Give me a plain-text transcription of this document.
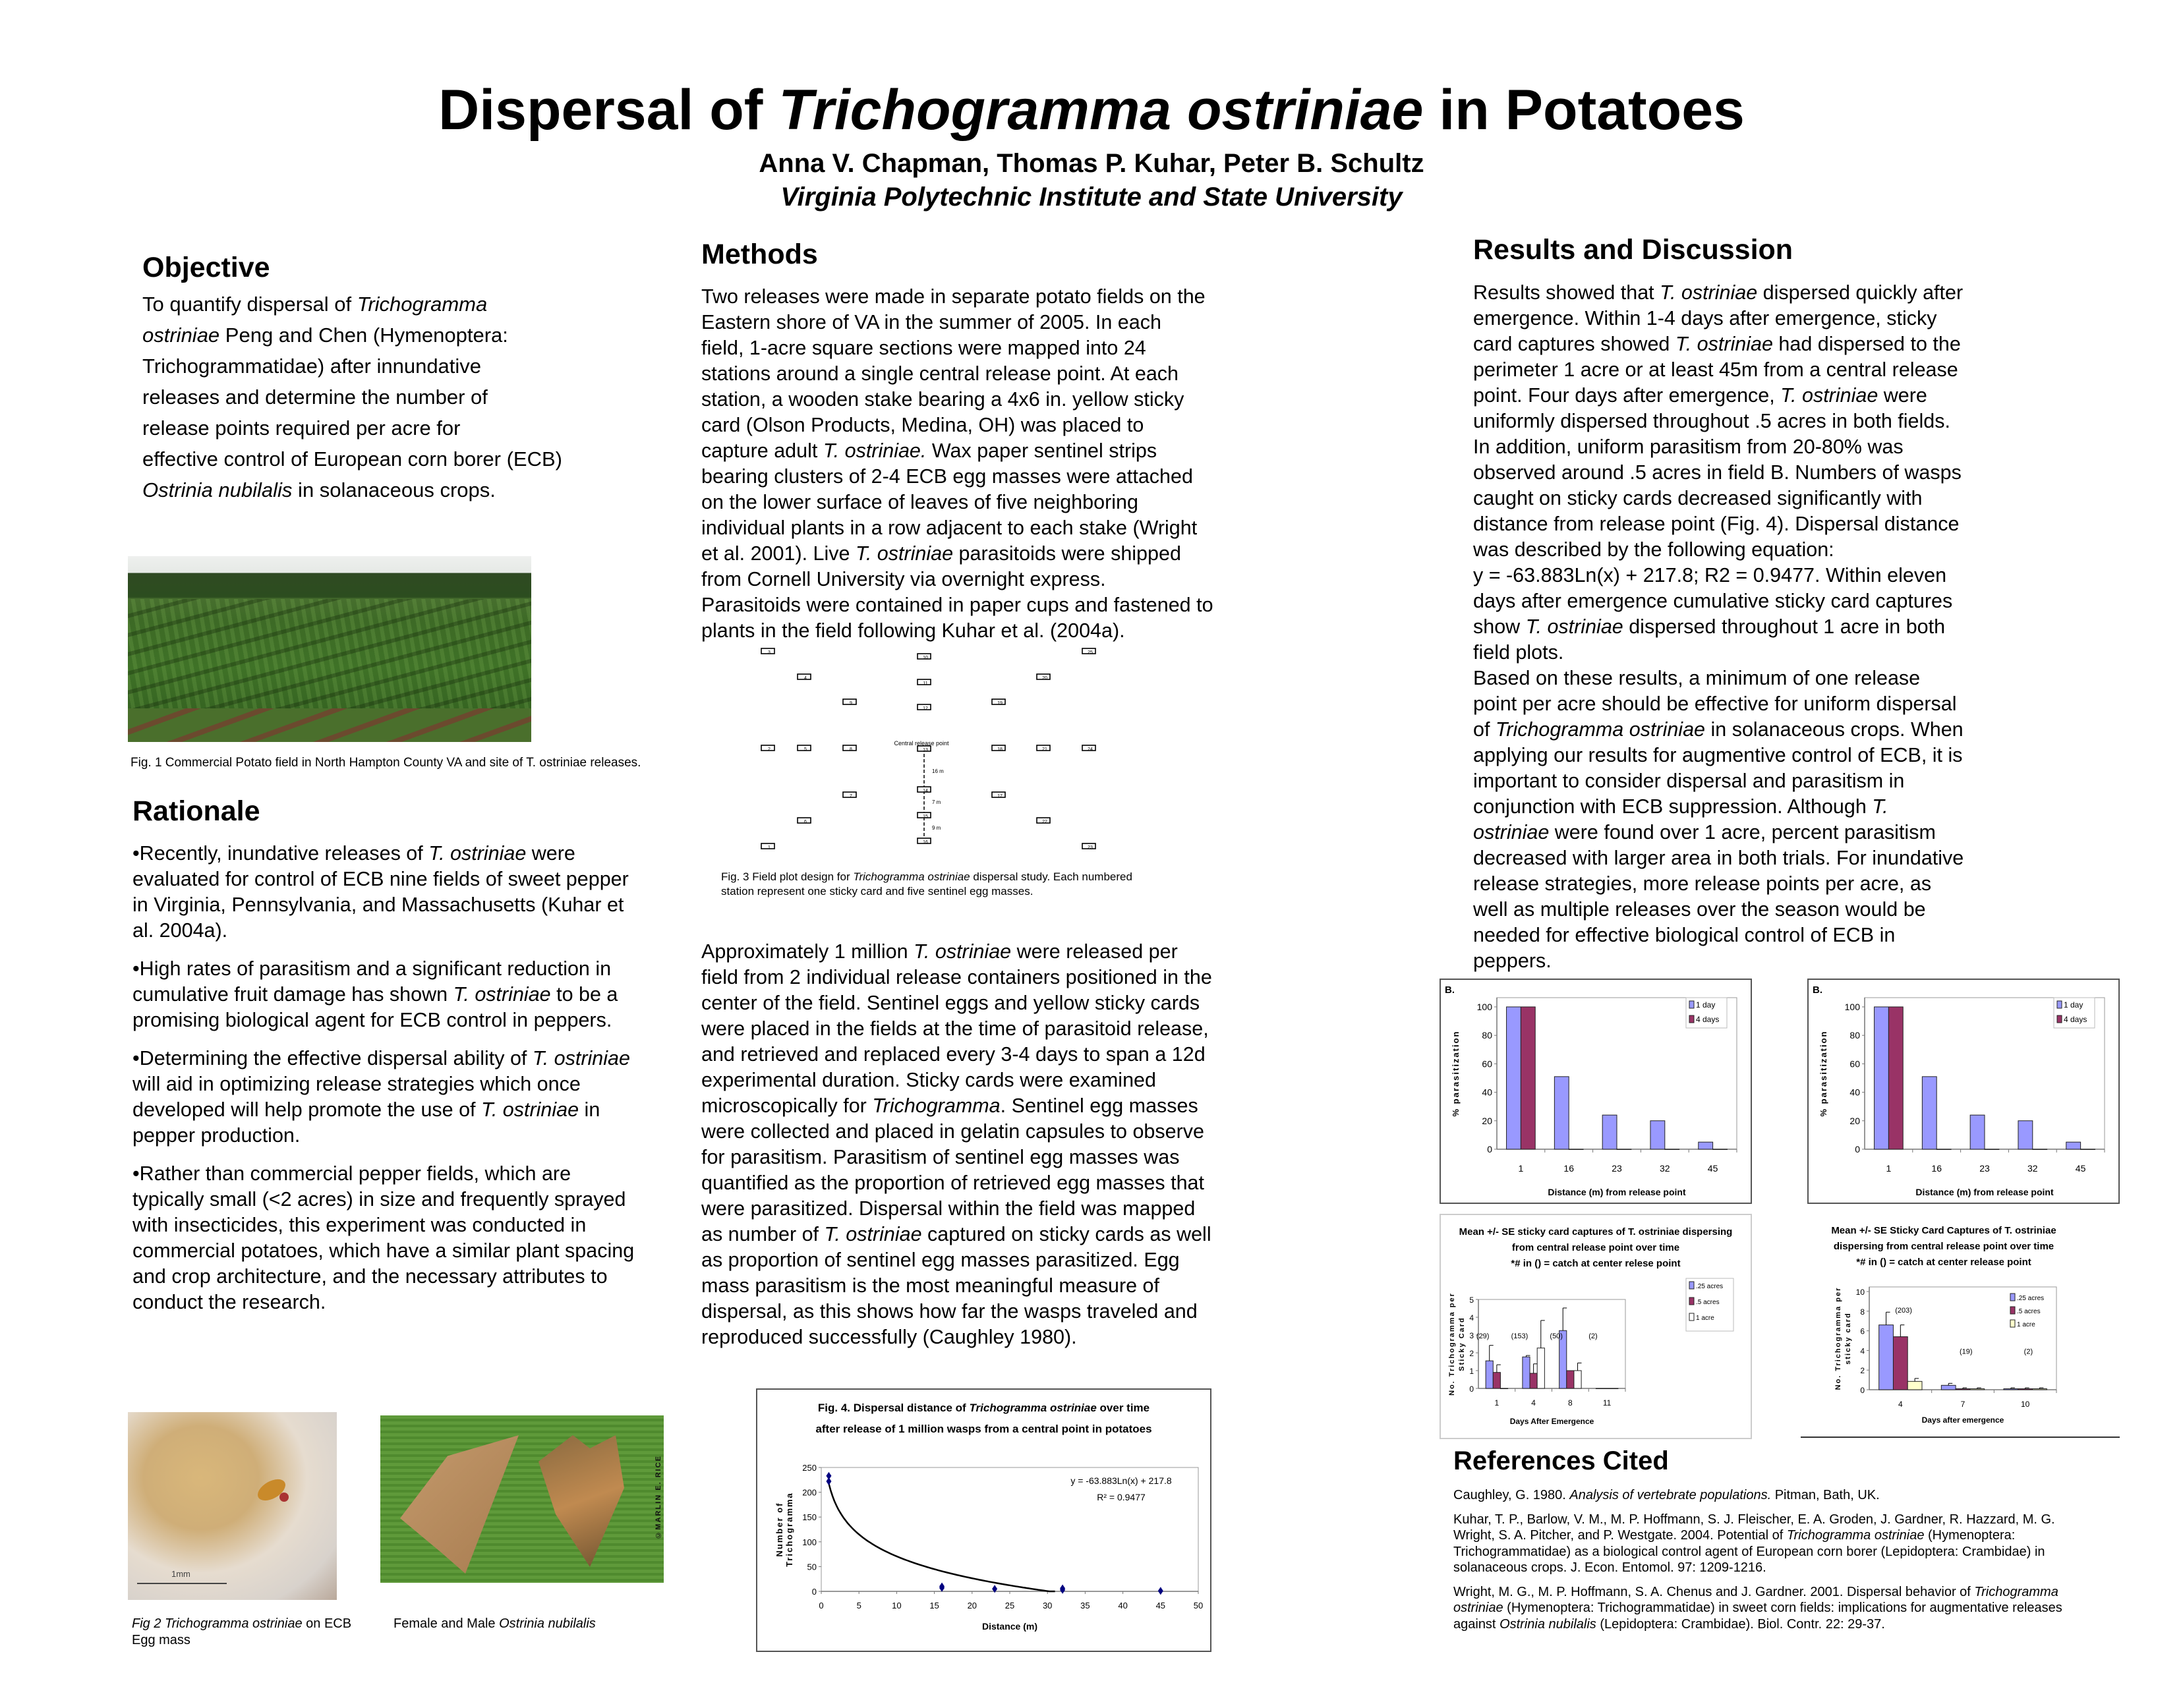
Dispersal of Trichogramma ostriniae in Potatoes
Anna V. Chapman, Thomas P. Kuhar, Peter B. Schultz
Virginia Polytechnic Institute and State University
Objective
To quantify dispersal of Trichogramma
ostriniae Peng and Chen (Hymenoptera:
Trichogrammatidae) after innundative
releases and determine the number of
release points required per acre for
effective control of European corn borer (ECB)
Ostrinia nubilalis in solanaceous crops.
Fig. 1 Commercial Potato field in North Hampton County VA and site of T. ostriniae releases.
Rationale
•Recently, inundative releases of T. ostriniae were
evaluated for control of ECB nine fields of sweet pepper
in Virginia, Pennsylvania, and Massachusetts (Kuhar et
al. 2004a).
•High rates of parasitism and a significant reduction in
cumulative fruit damage has shown T. ostriniae to be a
promising biological agent for ECB control in peppers.
•Determining the effective dispersal ability of T. ostriniae
will aid in optimizing release strategies which once
developed will help promote the use of T. ostriniae in
pepper production.
•Rather than commercial pepper fields, which are
typically small (<2 acres) in size and frequently sprayed
with insecticides, this experiment was conducted in
commercial potatoes, which have a similar plant spacing
and crop architecture, and the necessary attributes to
conduct the research.
1mm
©MARLIN E. RICE
Fig 2 Trichogramma ostriniae on ECB
Egg mass
Female and Male Ostrinia nubilalis
Methods
Two releases were made in separate potato fields on the
Eastern shore of VA in the summer of 2005. In each
field, 1-acre square sections were mapped into 24
stations around a single central release point. At each
station, a wooden stake bearing a 4x6 in. yellow sticky
card (Olson Products, Medina, OH) was placed to
capture adult T. ostriniae. Wax paper sentinel strips
bearing clusters of 2-4 ECB egg masses were attached
on the lower surface of leaves of five neighboring
individual plants in a row adjacent to each stake (Wright
et al. 2001). Live T. ostriniae parasitoids were shipped
from Cornell University via overnight express.
Parasitoids were contained in paper cups and fastened to
plants in the field following Kuhar et al. (2004a).
1
2
3
4
5
6
7
8
9
10
11
12
13
14
15
16
17
18
19
20
21
22
23
24
25
Central release point
16 m
7 m
9 m
Fig. 3 Field plot design for Trichogramma ostriniae dispersal study. Each numbered
station represent one sticky card and five sentinel egg masses.
Approximately 1 million T. ostriniae were released per
field from 2 individual release containers positioned in the
center of the field. Sentinel eggs and yellow sticky cards
were placed in the fields at the time of parasitoid release,
and retrieved and replaced every 3-4 days to span a 12d
experimental duration. Sticky cards were examined
microscopically for Trichogramma. Sentinel egg masses
were collected and placed in gelatin capsules to observe
for parasitism. Parasitism of sentinel egg masses was
quantified as the proportion of retrieved egg masses that
were parasitized. Dispersal within the field was mapped
as number of T. ostriniae captured on sticky cards as well
as proportion of sentinel egg masses parasitized. Egg
mass parasitism is the most meaningful measure of
dispersal, as this shows how far the wasps traveled and
reproduced successfully (Caughley 1980).
Fig. 4. Dispersal distance of Trichogramma ostriniae over time
after release of 1 million wasps from a central point in potatoes
0
50
100
150
200
250
0	5	10	15	20	25	30	35	40	45	50
y = -63.883Ln(x) + 217.8
R² = 0.9477
Distance (m)
Number of Trichogramma
Results and Discussion
Results showed that T. ostriniae dispersed quickly after
emergence. Within 1-4 days after emergence, sticky
card captures showed T. ostriniae had dispersed to the
perimeter 1 acre or at least 45m from a central release
point. Four days after emergence, T. ostriniae were
uniformly dispersed throughout .5 acres in both fields.
In addition, uniform parasitism from 20-80% was
observed around .5 acres in field B. Numbers of wasps
caught on sticky cards decreased significantly with
distance from release point (Fig. 4). Dispersal distance
was described by the following equation:
y = -63.883Ln(x) + 217.8; R2 = 0.9477. Within eleven
days after emergence cumulative sticky card captures
show T. ostriniae dispersed throughout 1 acre in both
field plots.
Based on these results, a minimum of one release
point per acre should be effective for uniform dispersal
of Trichogramma ostriniae in solanaceous crops. When
applying our results for augmentive control of ECB, it is
important to consider dispersal and parasitism in
conjunction with ECB suppression. Although T.
ostriniae were found over 1 acre, percent parasitism
decreased with larger area in both trials. For inundative
release strategies, more release points per acre, as
well as multiple releases over the season would be
needed for effective biological control of ECB in
peppers.
0
20
40
60
80
100
1	16	23	32	45
1 day
4 days
Distance (m) from release point
% parasitization
B.
0
20
40
60
80
100
1	16	23	32	45
1 day
4 days
Distance (m) from release point
% parasitization
B.
Mean +/- SE sticky card captures of T. ostriniae dispersing
from central release point over time
*# in () = catch at center relese point
0
1
2
3
4
5
1
(29)
4
(153)
8
(50)
11
(2)
.25 acres
.5 acres
1 acre
Days After Emergence
No. Trichogramma per Sticky Card
Mean +/- SE Sticky Card Captures of T. ostriniae
dispersing from central release point over time
*# in () = catch at center release point
0
2
4
6
8
10
4
(203)
7
(19)
10
(2)
.25 acres
.5 acres
1 acre
Days after emergence
No. Trichogramma per sticky card
References Cited
Caughley, G. 1980. Analysis of vertebrate populations. Pitman, Bath, UK.
Kuhar, T. P., Barlow, V. M., M. P. Hoffmann, S. J. Fleischer, E. A. Groden, J. Gardner, R. Hazzard, M. G.
Wright, S. A. Pitcher, and P. Westgate. 2004. Potential of Trichogramma ostriniae (Hymenoptera:
Trichogrammatidae) as a biological control agent of European corn borer (Lepidoptera: Crambidae) in
solanaceous crops. J. Econ. Entomol. 97: 1209-1216.
Wright, M. G., M. P. Hoffmann, S. A. Chenus and J. Gardner. 2001. Dispersal behavior of Trichogramma
ostriniae (Hymenoptera: Trichogrammatidae) in sweet corn fields: implications for augmentative releases
against Ostrinia nubilalis (Lepidoptera: Crambidae). Biol. Contr. 22: 29-37.
